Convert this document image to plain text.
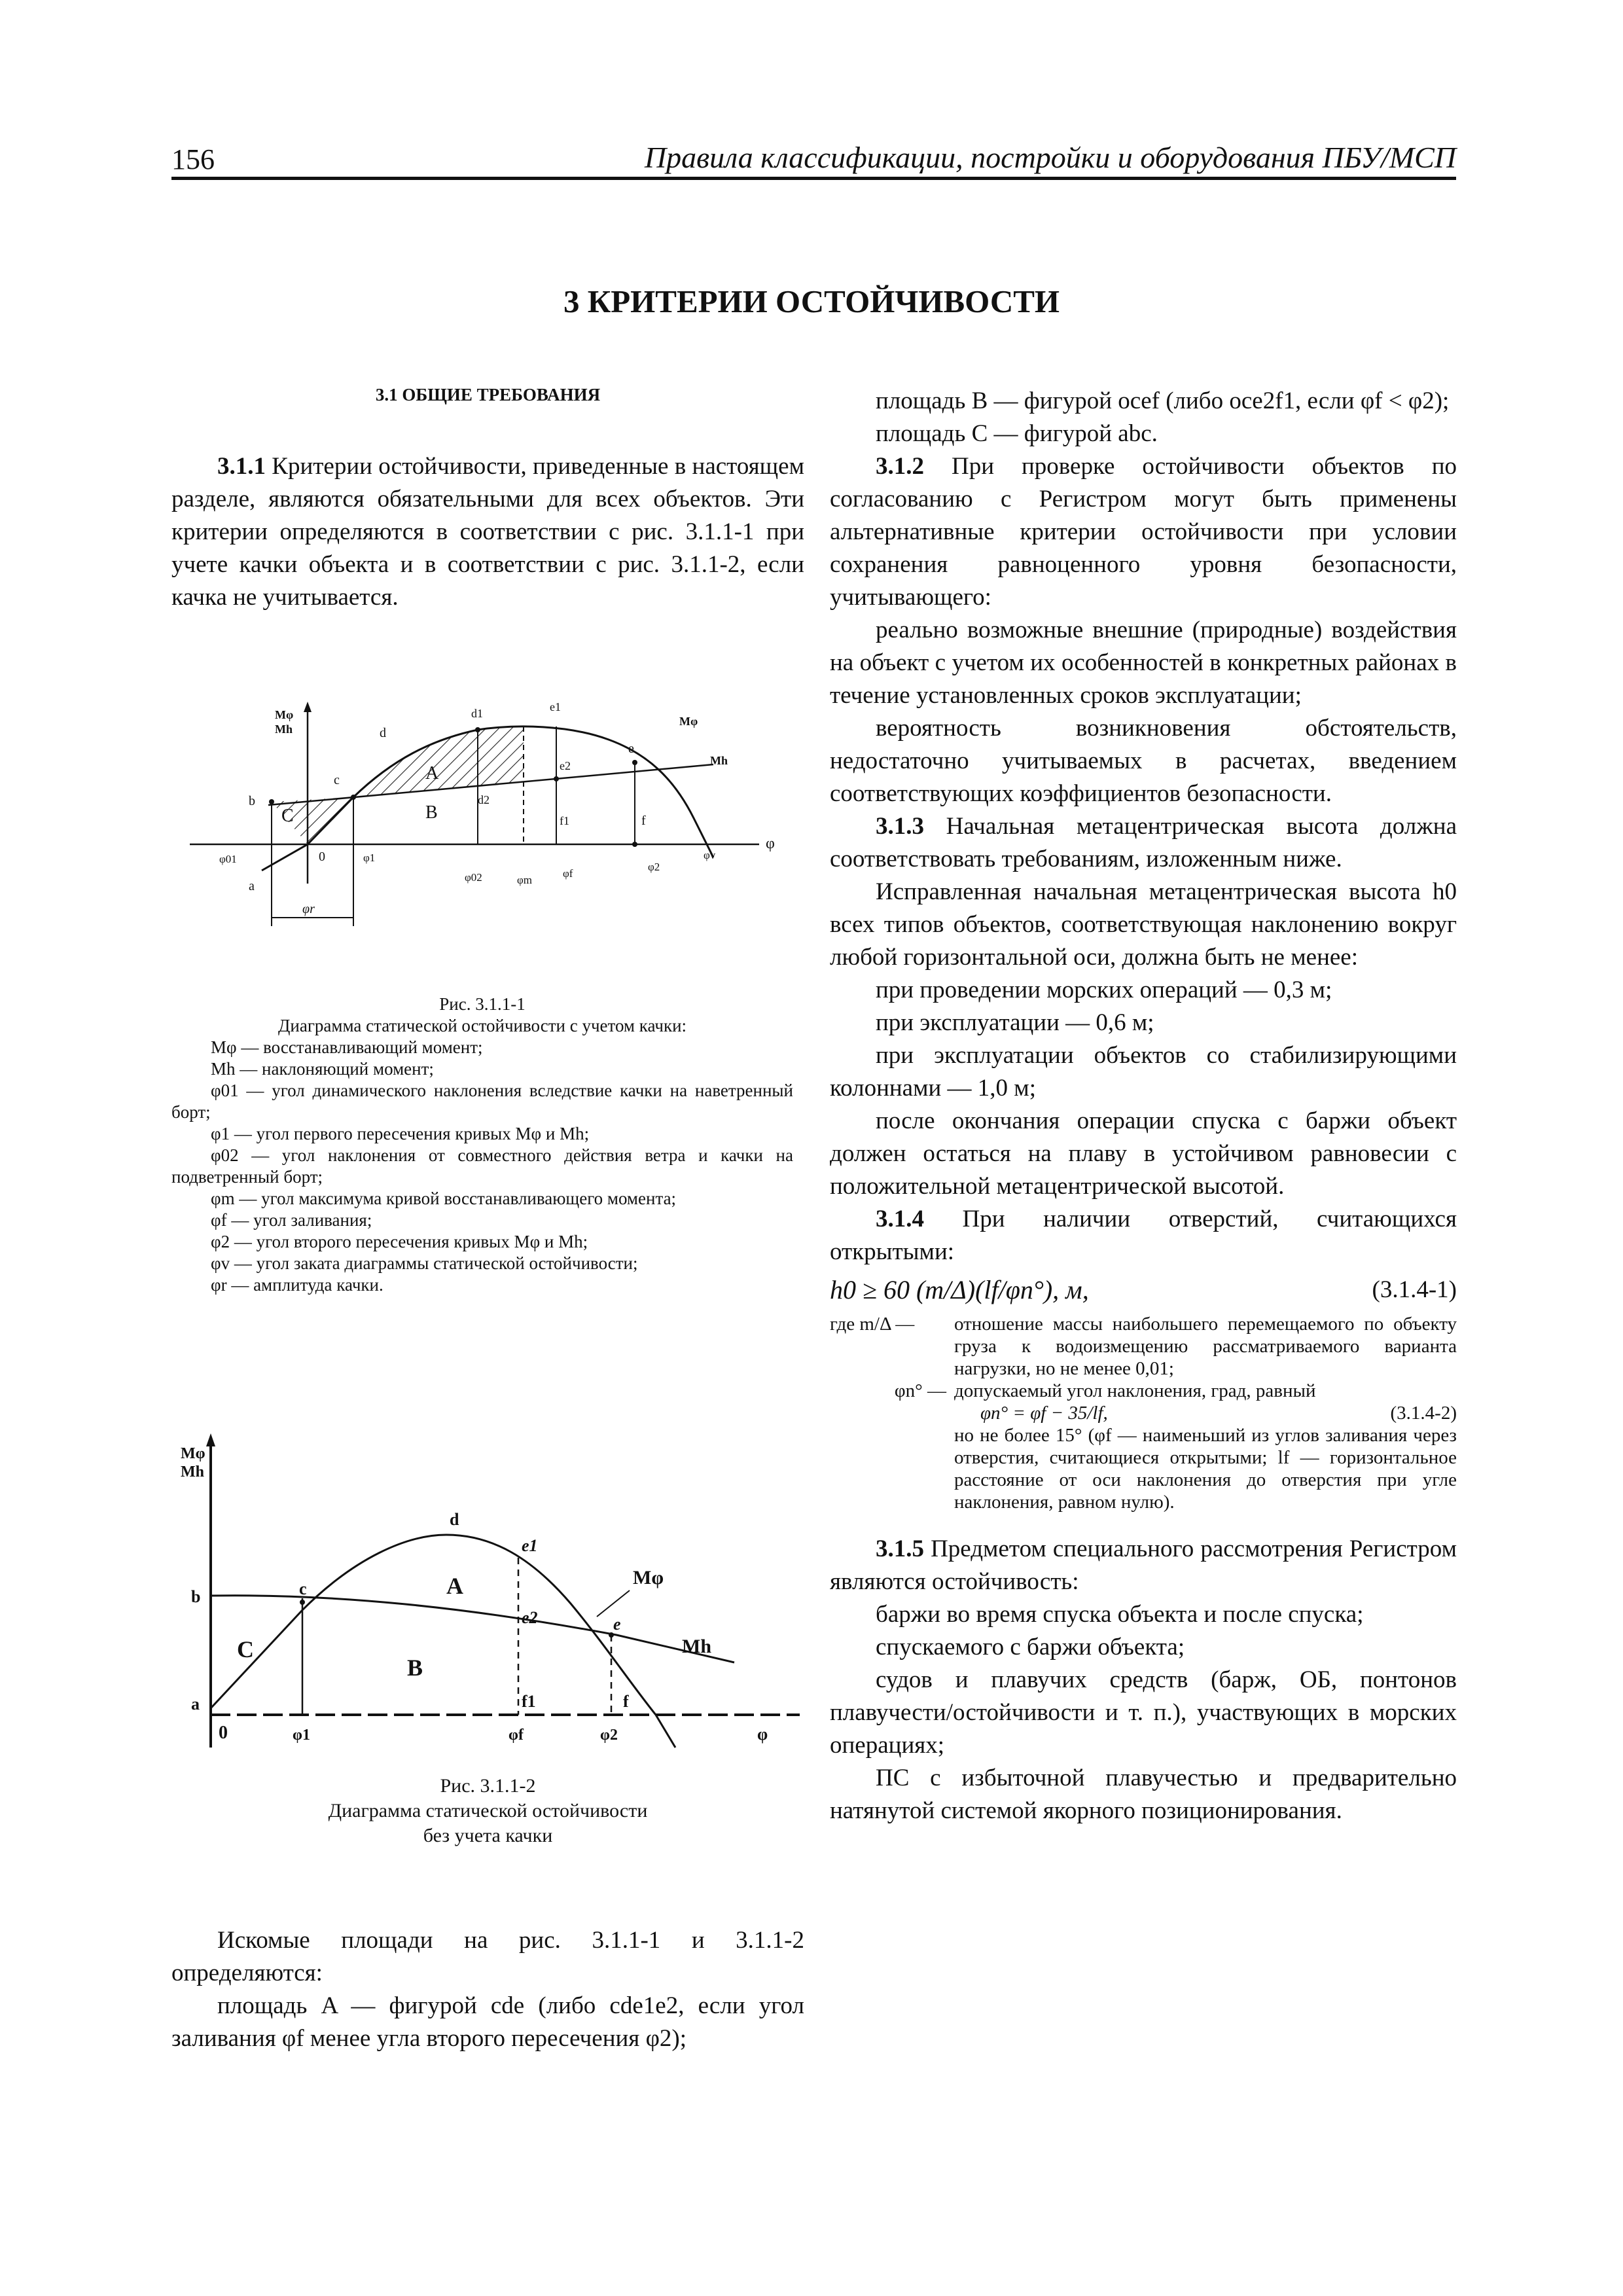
156	Правила классификации, постройки и оборудования ПБУ/МСП
3 КРИТЕРИИ ОСТОЙЧИВОСТИ
3.1 ОБЩИЕ ТРЕБОВАНИЯ

3.1.1 Критерии остойчивости, приведенные в настоящем разделе, являются обязательными для всех объектов. Эти критерии определяются в соответствии с рис. 3.1.1-1 при учете качки объекта и в соответствии с рис. 3.1.1-2, если качка не учитывается.

Mφ
Mh
φ
a
b
c
d
d1
d2
e
e1
e2
f
f1
0
A
B
C
Mφ
Mh
φ01	φ1
φ02	φm
φf
φ2
φv
φr

Рис. 3.1.1-1

Диаграмма статической остойчивости с учетом качки:

Mφ — восстанавливающий момент;

Mh — наклоняющий момент;

φ01 — угол динамического наклонения вследствие качки на наветренный борт;

φ1 — угол первого пересечения кривых Mφ и Mh;

φ02 — угол наклонения от совместного действия ветра и качки на подветренный борт;

φm — угол максимума кривой восстанавливающего момента;

φf — угол заливания;

φ2 — угол второго пересечения кривых Mφ и Mh;

φv — угол заката диаграммы статической остойчивости;

φr — амплитуда качки.

Mφ
Mh
a
b	c
d
e
e1
e2
f
f1
0
A
B
C
Mφ
Mh
φ1	φf	φ2	φ

Рис. 3.1.1-2

Диаграмма статической остойчивости

без учета качки

Искомые площади на рис. 3.1.1-1 и 3.1.1-2 определяются:

площадь A — фигурой cde (либо cde1e2, если угол заливания φf менее угла второго пересечения φ2);

площадь B — фигурой ocef (либо oce2f1, если φf < φ2);

площадь C — фигурой abc.

3.1.2 При проверке остойчивости объектов по согласованию с Регистром могут быть применены альтернативные критерии остойчивости при условии сохранения равноценного уровня безопасности, учитывающего:

реально возможные внешние (природные) воздействия на объект с учетом их особенностей в конкретных районах в течение установленных сроков эксплуатации;

вероятность возникновения обстоятельств, недостаточно учитываемых в расчетах, введением соответствующих коэффициентов безопасности.

3.1.3 Начальная метацентрическая высота должна соответствовать требованиям, изложенным ниже.

Исправленная начальная метацентрическая высота h0 всех типов объектов, соответствующая наклонению вокруг любой горизонтальной оси, должна быть не менее:

при проведении морских операций — 0,3 м;

при эксплуатации — 0,6 м;

при эксплуатации объектов со стабилизирующими колоннами — 1,0 м;

после окончания операции спуска с баржи объект должен остаться на плаву в устойчивом равновесии с положительной метацентрической высотой.

3.1.4 При наличии отверстий, считающихся открытыми:

h0 ≥ 60 (m/Δ)(lf/φn°), м,	(3.1.4-1)
где m/Δ —	отношение массы наибольшего перемещаемого по объекту груза к водоизмещению рассматриваемого варианта нагрузки, но не менее 0,01;
φn° — допускаемый угол наклонения, град, равный
φn° = φf − 35/lf,	(3.1.4-2)
но не более 15° (φf — наименьший из углов заливания через отверстия, считающиеся открытыми; lf — горизонтальное расстояние от оси наклонения до отверстия при угле наклонения, равном нулю).

3.1.5 Предметом специального рассмотрения Регистром являются остойчивость:

баржи во время спуска объекта и после спуска;

спускаемого с баржи объекта;

судов и плавучих средств (барж, ОБ, понтонов плавучести/остойчивости и т. п.), участвующих в морских операциях;

ПС с избыточной плавучестью и предварительно натянутой системой якорного позиционирования.
